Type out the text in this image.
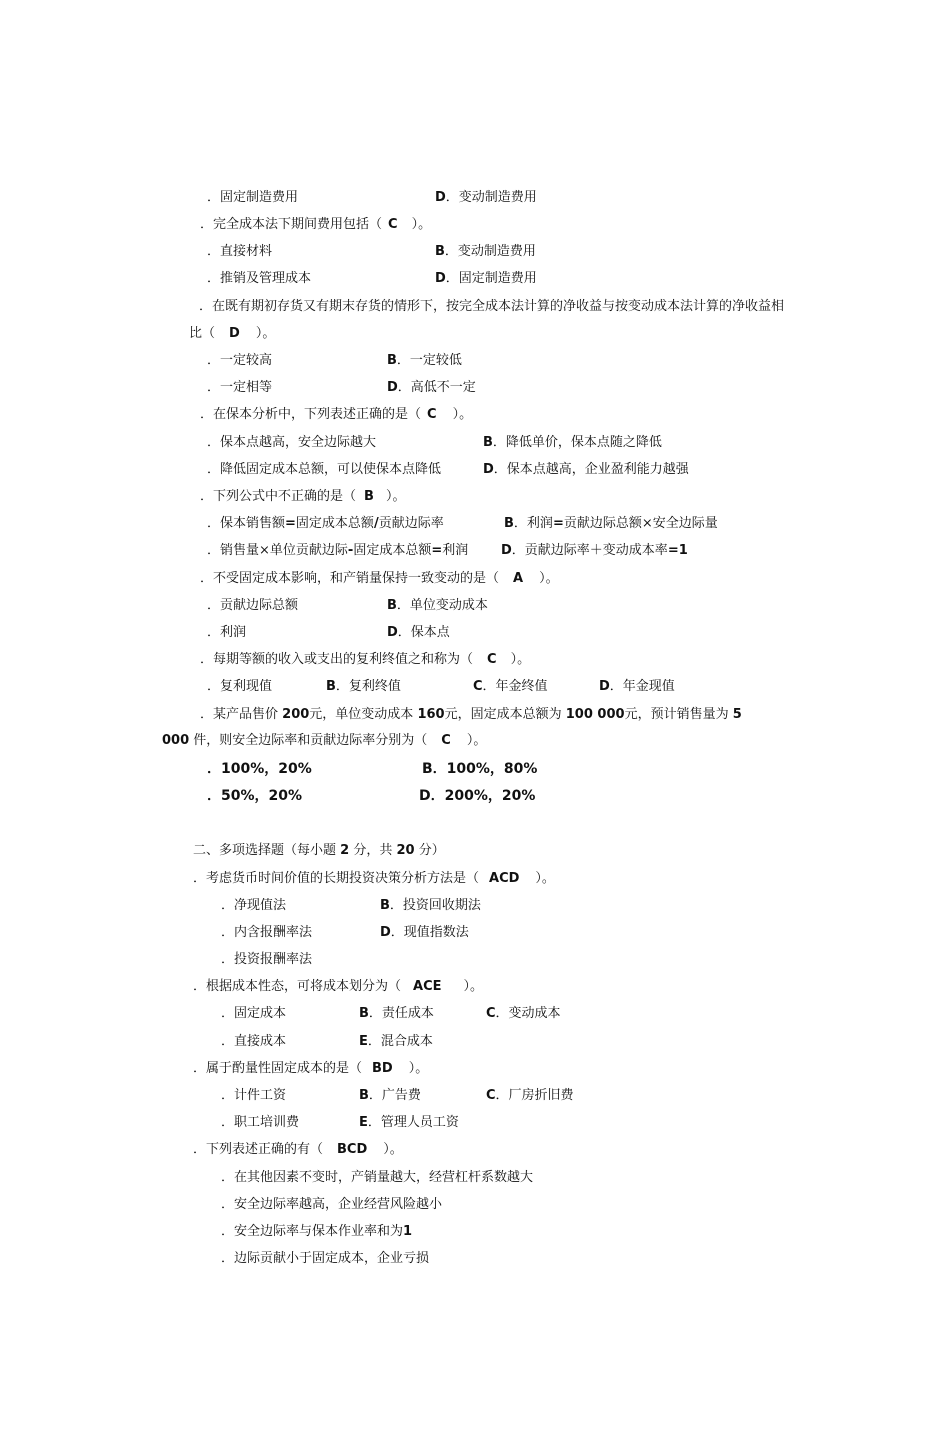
．固定制造费用	D．变动制造费用
．完全成本法下期间费用包括（ C ）。
．直接材料	B．变动制造费用
．推销及管理成本	D．固定制造费用
．在既有期初存货又有期末存货的情形下，按完全成本法计算的净收益与按变动成本法计算的净收益相
比（ D ）。
．一定较高	B．一定较低
．一定相等	D．高低不一定
．在保本分析中，下列表述正确的是（ C ）。
．保本点越高，安全边际越大	B．降低单价，保本点随之降低
．降低固定成本总额，可以使保本点降低	D．保本点越高，企业盈利能力越强
．下列公式中不正确的是（ B ）。
．保本销售额=固定成本总额/贡献边际率	B．利润=贡献边际总额×安全边际量
．销售量×单位贡献边际-固定成本总额=利润	D．贡献边际率＋变动成本率=1
．不受固定成本影响，和产销量保持一致变动的是（ A ）。
．贡献边际总额	B．单位变动成本
．利润	D．保本点
．每期等额的收入或支出的复利终值之和称为（ C ）。
．复利现值	B．复利终值	C．年金终值	D．年金现值
．某产品售价 200元，单位变动成本 160元，固定成本总额为 100 000元，预计销售量为 5
000 件，则安全边际率和贡献边际率分别为（ C ）。
．100%，20%	B．100%，80%
．50%，20%	D．200%，20%
二、多项选择题（每小题 2 分，共 20 分）
．考虑货币时间价值的长期投资决策分析方法是（ ACD ）。
．净现值法	B．投资回收期法
．内含报酬率法	D．现值指数法
．投资报酬率法
．根据成本性态，可将成本划分为（ ACE ）。
．固定成本	B．责任成本	C．变动成本
．直接成本	E．混合成本
．属于酌量性固定成本的是（ BD ）。
．计件工资	B．广告费	C．厂房折旧费
．职工培训费	E．管理人员工资
．下列表述正确的有（ BCD ）。
．在其他因素不变时，产销量越大，经营杠杆系数越大
．安全边际率越高，企业经营风险越小
．安全边际率与保本作业率和为1
．边际贡献小于固定成本，企业亏损
